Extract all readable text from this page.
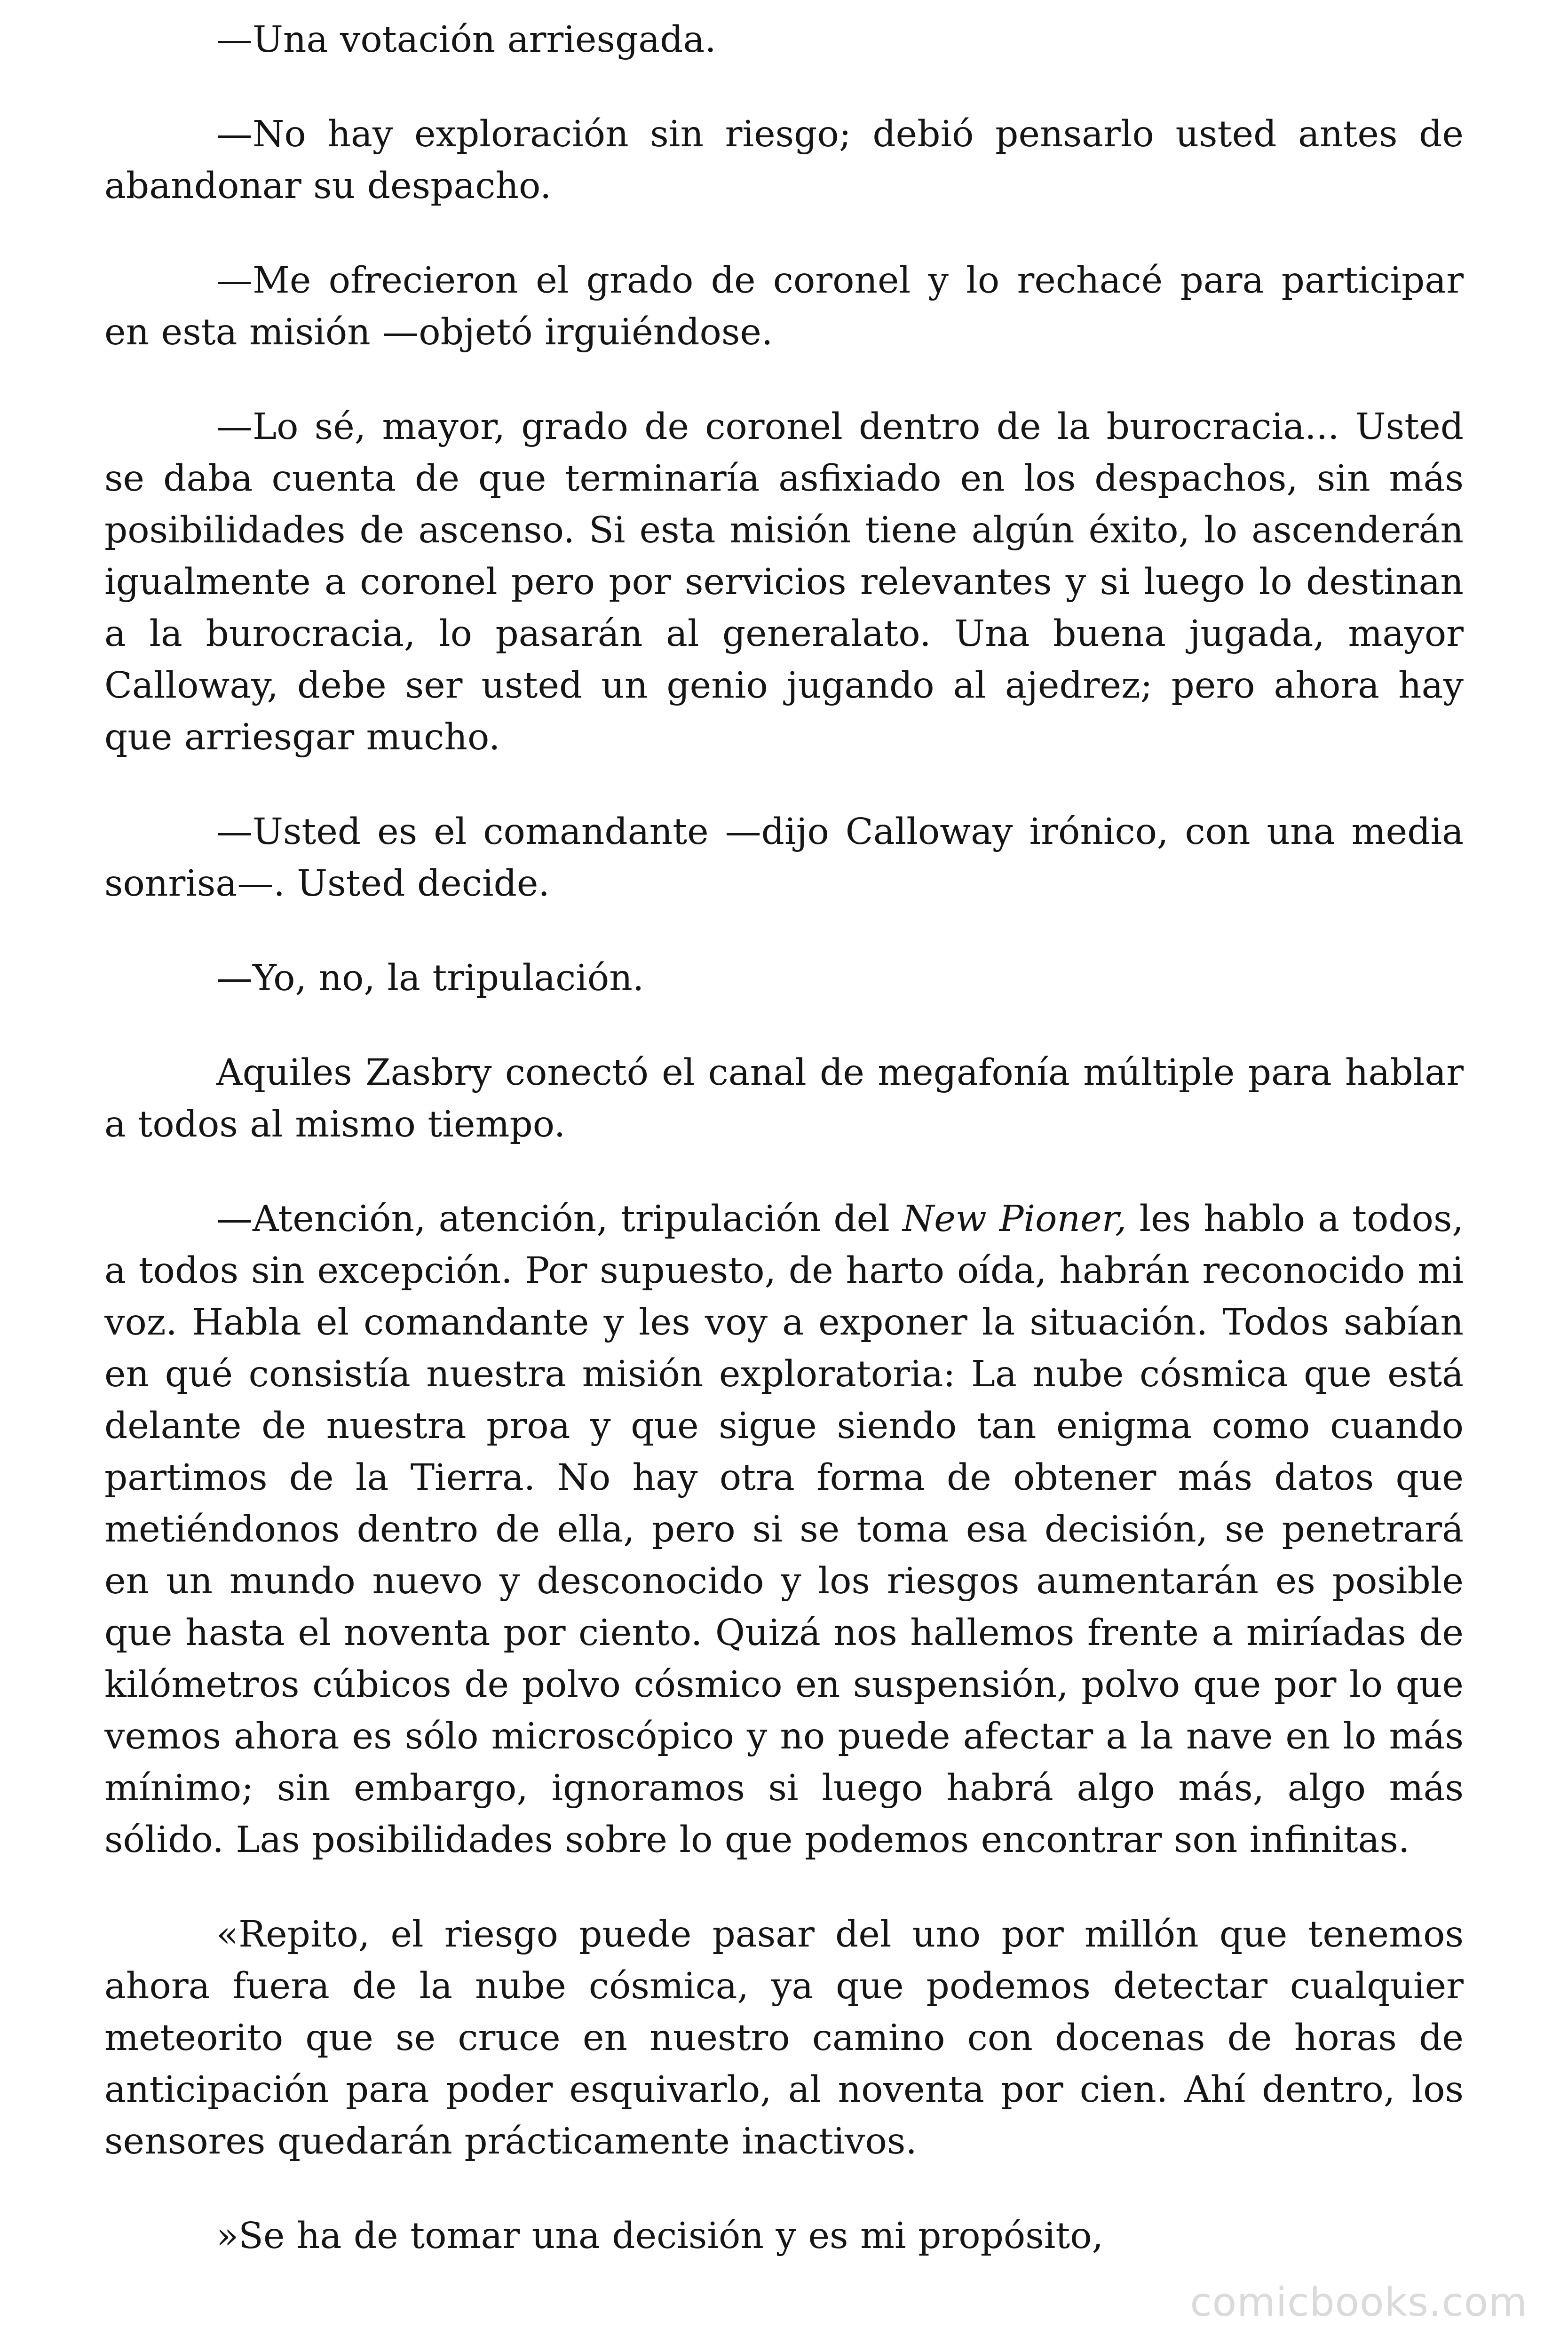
—Una votación arriesgada.

—No hay exploración sin riesgo; debió pensarlo usted antes de abandonar su despacho.

—Me ofrecieron el grado de coronel y lo rechacé para participar en esta misión —objetó irguiéndose.

—Lo sé, mayor, grado de coronel dentro de la burocracia... Usted se daba cuenta de que terminaría asfixiado en los despachos, sin más posibilidades de ascenso. Si esta misión tiene algún éxito, lo ascenderán igualmente a coronel pero por servicios relevantes y si luego lo destinan a la burocracia, lo pasarán al generalato. Una buena jugada, mayor Calloway, debe ser usted un genio jugando al ajedrez; pero ahora hay que arriesgar mucho.

—Usted es el comandante —dijo Calloway irónico, con una media sonrisa—. Usted decide.

—Yo, no, la tripulación.

Aquiles Zasbry conectó el canal de megafonía múltiple para hablar a todos al mismo tiempo.

—Atención, atención, tripulación del New Pioner, les hablo a todos, a todos sin excepción. Por supuesto, de harto oída, habrán reconocido mi voz. Habla el comandante y les voy a exponer la situación. Todos sabían en qué consistía nuestra misión exploratoria: La nube cósmica que está delante de nuestra proa y que sigue siendo tan enigma como cuando partimos de la Tierra. No hay otra forma de obtener más datos que metiéndonos dentro de ella, pero si se toma esa decisión, se penetrará en un mundo nuevo y desconocido y los riesgos aumentarán es posible que hasta el noventa por ciento. Quizá nos hallemos frente a miríadas de kilómetros cúbicos de polvo cósmico en suspensión, polvo que por lo que vemos ahora es sólo microscópico y no puede afectar a la nave en lo más mínimo; sin embargo, ignoramos si luego habrá algo más, algo más sólido. Las posibilidades sobre lo que podemos encontrar son infinitas.

«Repito, el riesgo puede pasar del uno por millón que tenemos ahora fuera de la nube cósmica, ya que podemos detectar cualquier meteorito que se cruce en nuestro camino con docenas de horas de anticipación para poder esquivarlo, al noventa por cien. Ahí dentro, los sensores quedarán prácticamente inactivos.

»Se ha de tomar una decisión y es mi propósito,

comicbooks.com
